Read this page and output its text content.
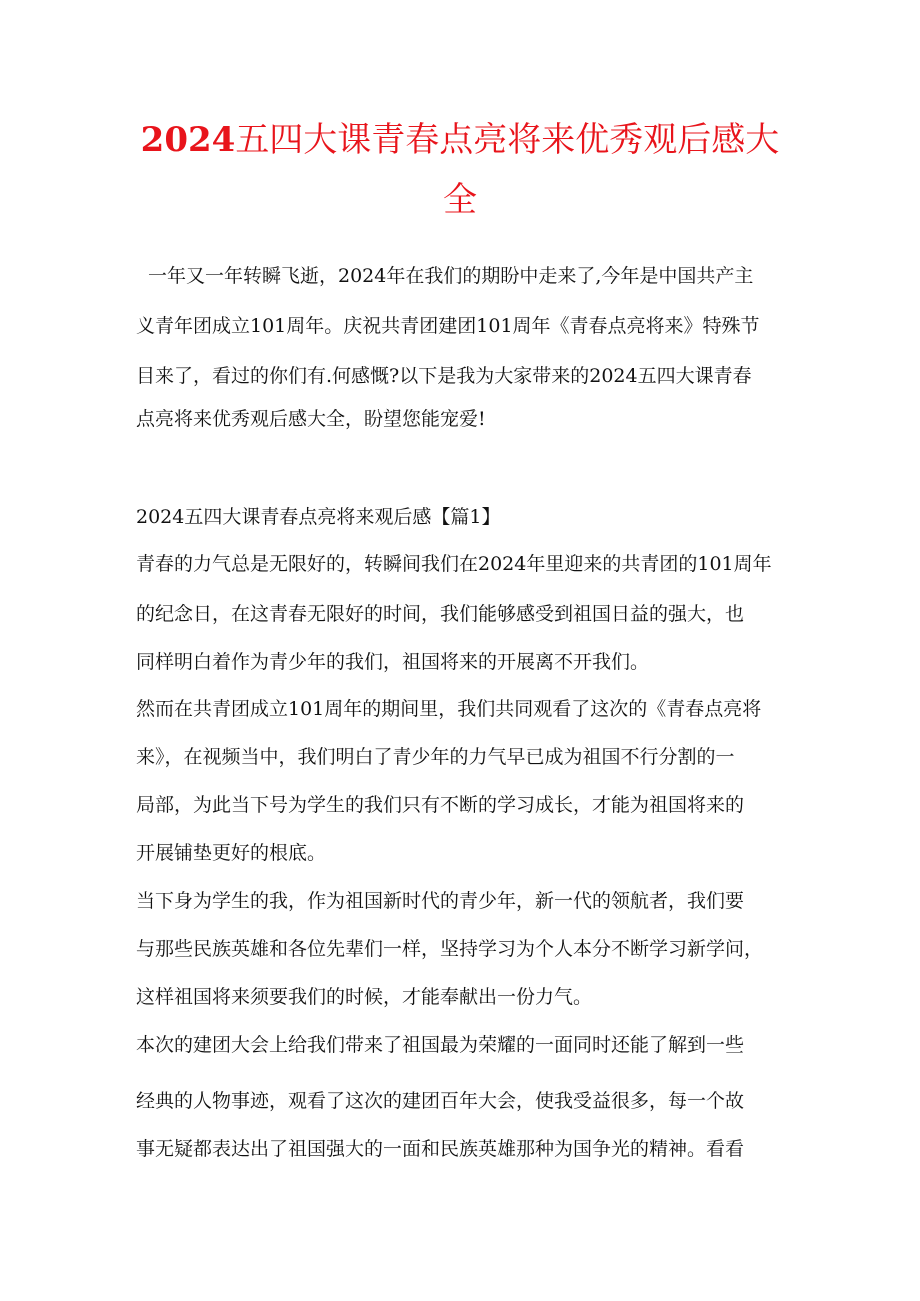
2024五四大课青春点亮将来优秀观后感大
全

一年又一年转瞬飞逝，2024年在我们的期盼中走来了,今年是中国共产主

义青年团成立101周年。庆祝共青团建团101周年《青春点亮将来》特殊节

目来了，看过的你们有.何感慨?以下是我为大家带来的2024五四大课青春

点亮将来优秀观后感大全，盼望您能宠爱!

2024五四大课青春点亮将来观后感【篇1】

青春的力气总是无限好的，转瞬间我们在2024年里迎来的共青团的101周年

的纪念日，在这青春无限好的时间，我们能够感受到祖国日益的强大，也

同样明白着作为青少年的我们，祖国将来的开展离不开我们。

然而在共青团成立101周年的期间里，我们共同观看了这次的《青春点亮将

来》，在视频当中，我们明白了青少年的力气早已成为祖国不行分割的一

局部，为此当下号为学生的我们只有不断的学习成长，才能为祖国将来的

开展铺垫更好的根底。

当下身为学生的我，作为祖国新时代的青少年，新一代的领航者，我们要

与那些民族英雄和各位先辈们一样，坚持学习为个人本分不断学习新学问，

这样祖国将来须要我们的时候，才能奉献出一份力气。

本次的建团大会上给我们带来了祖国最为荣耀的一面同时还能了解到一些

经典的人物事迹，观看了这次的建团百年大会，使我受益很多，每一个故

事无疑都表达出了祖国强大的一面和民族英雄那种为国争光的精神。看看
